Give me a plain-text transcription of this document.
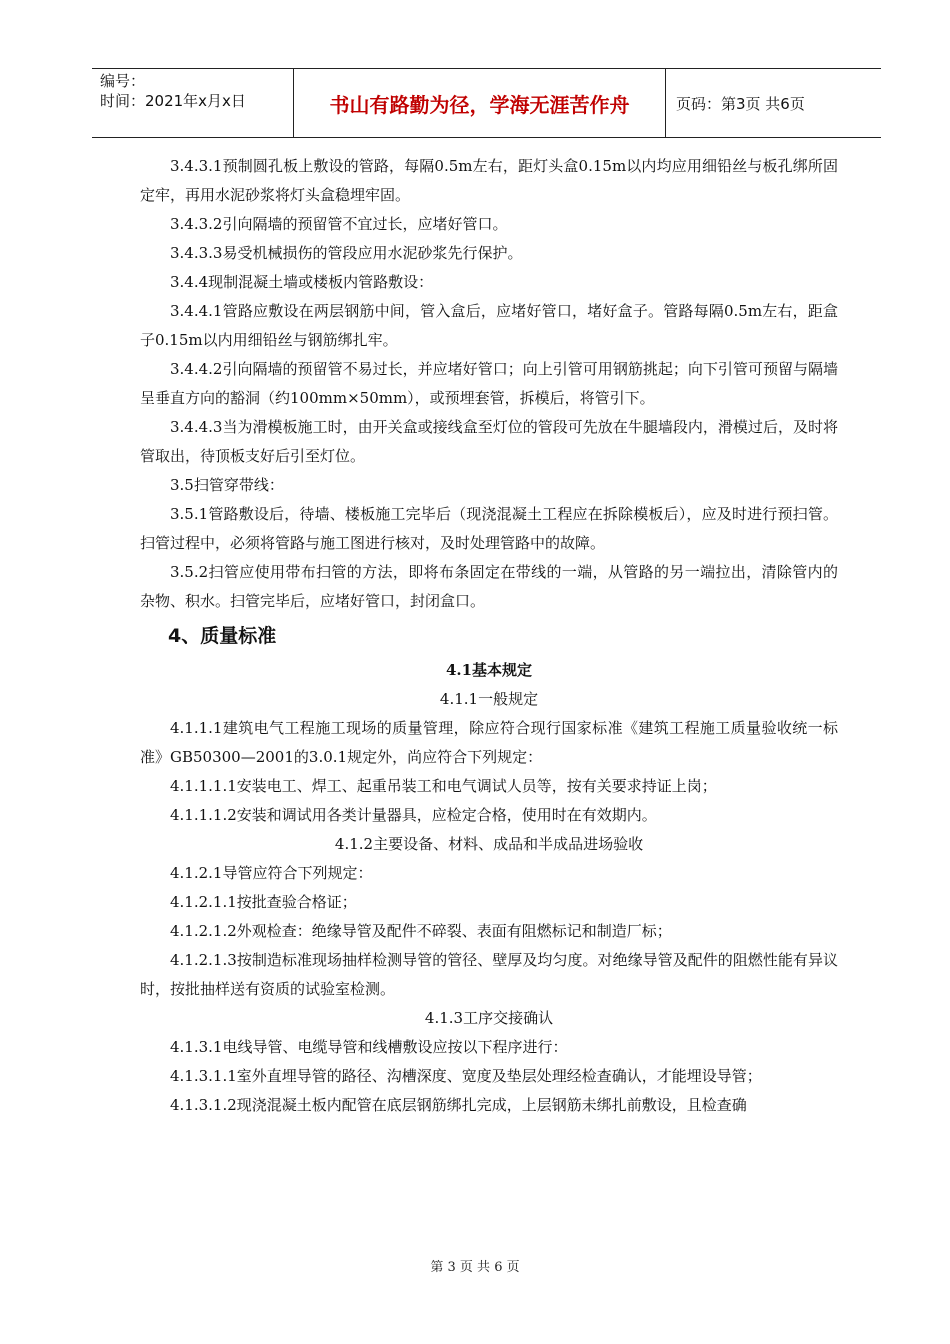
编号：
时间：2021年x月x日	书山有路勤为径，学海无涯苦作舟	页码：第3页 共6页

3.4.3.1预制圆孔板上敷设的管路，每隔0.5m左右，距灯头盒0.15m以内均应用细铅丝与板孔绑所固定牢，再用水泥砂浆将灯头盒稳埋牢固。

3.4.3.2引向隔墙的预留管不宜过长，应堵好管口。

3.4.3.3易受机械损伤的管段应用水泥砂浆先行保护。

3.4.4现制混凝土墙或楼板内管路敷设：

3.4.4.1管路应敷设在两层钢筋中间，管入盒后，应堵好管口，堵好盒子。管路每隔0.5m左右，距盒子0.15m以内用细铅丝与钢筋绑扎牢。

3.4.4.2引向隔墙的预留管不易过长，并应堵好管口；向上引管可用钢筋挑起；向下引管可预留与隔墙呈垂直方向的豁洞（约100mm×50mm），或预埋套管，拆模后，将管引下。

3.4.4.3当为滑模板施工时，由开关盒或接线盒至灯位的管段可先放在牛腿墙段内，滑模过后，及时将管取出，待顶板支好后引至灯位。

3.5扫管穿带线：

3.5.1管路敷设后，待墙、楼板施工完毕后（现浇混凝土工程应在拆除模板后），应及时进行预扫管。扫管过程中，必须将管路与施工图进行核对，及时处理管路中的故障。

3.5.2扫管应使用带布扫管的方法，即将布条固定在带线的一端，从管路的另一端拉出，清除管内的杂物、积水。扫管完毕后，应堵好管口，封闭盒口。

4、质量标准

4.1基本规定

4.1.1一般规定

4.1.1.1建筑电气工程施工现场的质量管理，除应符合现行国家标准《建筑工程施工质量验收统一标准》GB50300—2001的3.0.1规定外，尚应符合下列规定：

4.1.1.1.1安装电工、焊工、起重吊装工和电气调试人员等，按有关要求持证上岗；

4.1.1.1.2安装和调试用各类计量器具，应检定合格，使用时在有效期内。

4.1.2主要设备、材料、成品和半成品进场验收

4.1.2.1导管应符合下列规定：

4.1.2.1.1按批查验合格证；

4.1.2.1.2外观检查：绝缘导管及配件不碎裂、表面有阻燃标记和制造厂标；

4.1.2.1.3按制造标准现场抽样检测导管的管径、壁厚及均匀度。对绝缘导管及配件的阻燃性能有异议时，按批抽样送有资质的试验室检测。

4.1.3工序交接确认

4.1.3.1电线导管、电缆导管和线槽敷设应按以下程序进行：

4.1.3.1.1室外直埋导管的路径、沟槽深度、宽度及垫层处理经检查确认，才能埋设导管；

4.1.3.1.2现浇混凝土板内配管在底层钢筋绑扎完成，上层钢筋未绑扎前敷设，且检查确

第 3 页 共 6 页
